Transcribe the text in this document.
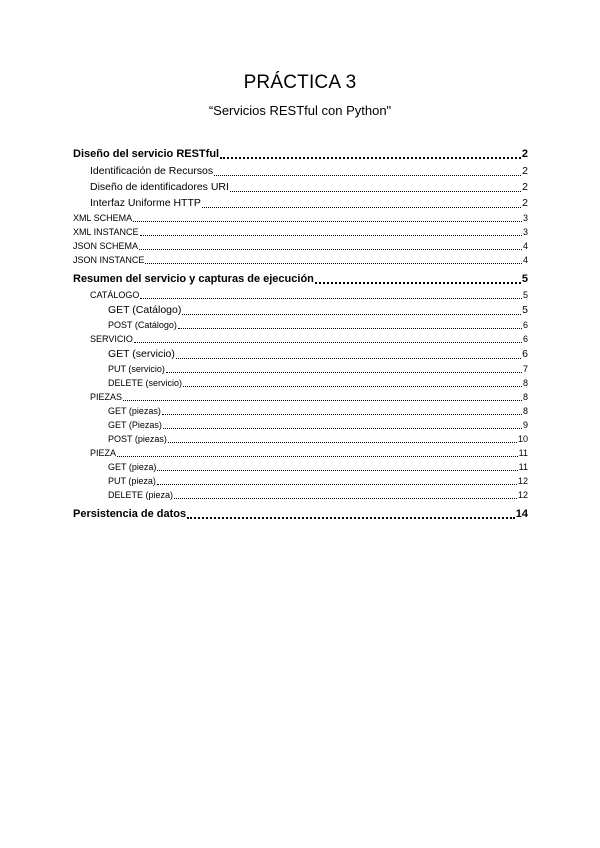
PRÁCTICA 3
“Servicios RESTful con Python"
Diseño del servicio RESTful	2
Identificación de Recursos	2
Diseño de identificadores URI	2
Interfaz Uniforme HTTP	2
XML SCHEMA	3
XML INSTANCE	3
JSON SCHEMA	4
JSON INSTANCE	4
Resumen del servicio y capturas de ejecución	5
CATÁLOGO	5
GET (Catálogo)	5
POST (Catálogo)	6
SERVICIO	6
GET (servicio)	6
PUT (servicio)	7
DELETE (servicio)	8
PIEZAS	8
GET (piezas)	8
GET (Piezas)	9
POST (piezas)	10
PIEZA	11
GET (pieza)	11
PUT (pieza)	12
DELETE (pieza)	12
Persistencia de datos	14
